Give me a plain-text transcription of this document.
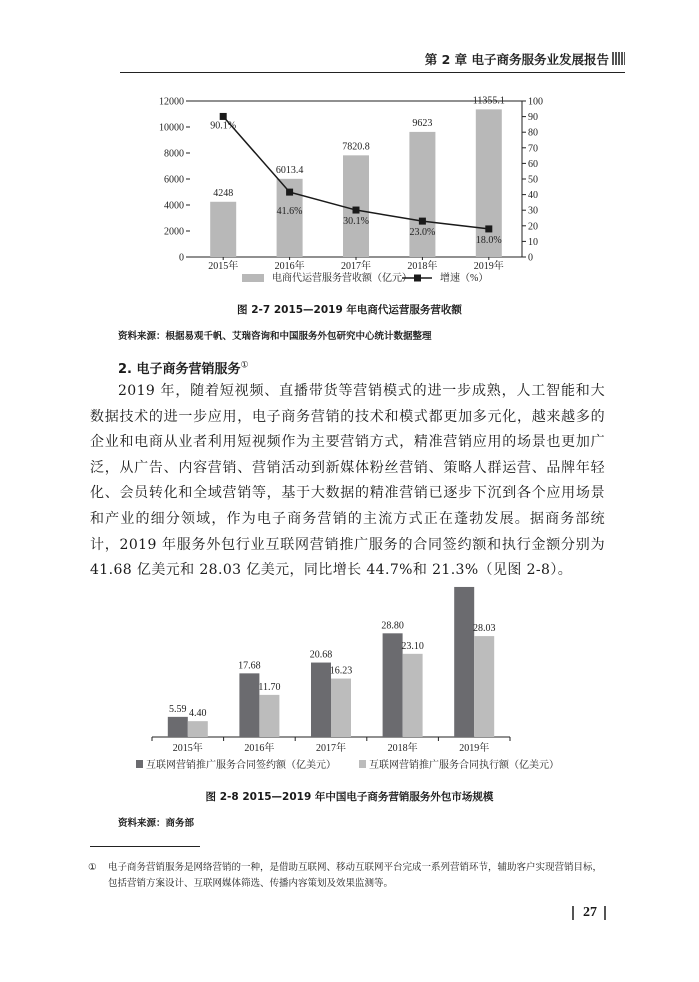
第 2 章 电子商务服务业发展报告
0
2000
4000
6000
8000
10000
12000
0
10
20
30
40
50
60
70
80
90
100
4248
2015年
6013.4
2016年
7820.8
2017年
9623
2018年
11355.1
2019年
90.1%
41.6%
30.1%
23.0%
18.0%
电商代运营服务营收额（亿元）	增速（%）
图 2-7 2015—2019 年电商代运营服务营收额
资料来源：根据易观千帆、艾瑞咨询和中国服务外包研究中心统计数据整理
2. 电子商务营销服务①

2019 年，随着短视频、直播带货等营销模式的进一步成熟，人工智能和大数据技术的进一步应用，电子商务营销的技术和模式都更加多元化，越来越多的企业和电商从业者利用短视频作为主要营销方式，精准营销应用的场景也更加广泛，从广告、内容营销、营销活动到新媒体粉丝营销、策略人群运营、品牌年轻化、会员转化和全域营销等，基于大数据的精准营销已逐步下沉到各个应用场景和产业的细分领域，作为电子商务营销的主流方式正在蓬勃发展。据商务部统计，2019 年服务外包行业互联网营销推广服务的合同签约额和执行金额分别为 41.68 亿美元和 28.03 亿美元，同比增长 44.7%和 21.3%（见图 2-8）。

5.59 4.40
2015年
17.68
11.70
2016年
20.68
16.23
2017年
28.80
23.10
2018年
28.03
2019年
互联网营销推广服务合同签约额（亿美元）	互联网营销推广服务合同执行额（亿美元）
图 2-8 2015—2019 年中国电子商务营销服务外包市场规模
资料来源：商务部
① 电子商务营销服务是网络营销的一种，是借助互联网、移动互联网平台完成一系列营销环节，辅助客户实现营销目标，包括营销方案设计、互联网媒体筛选、传播内容策划及效果监测等。
27
